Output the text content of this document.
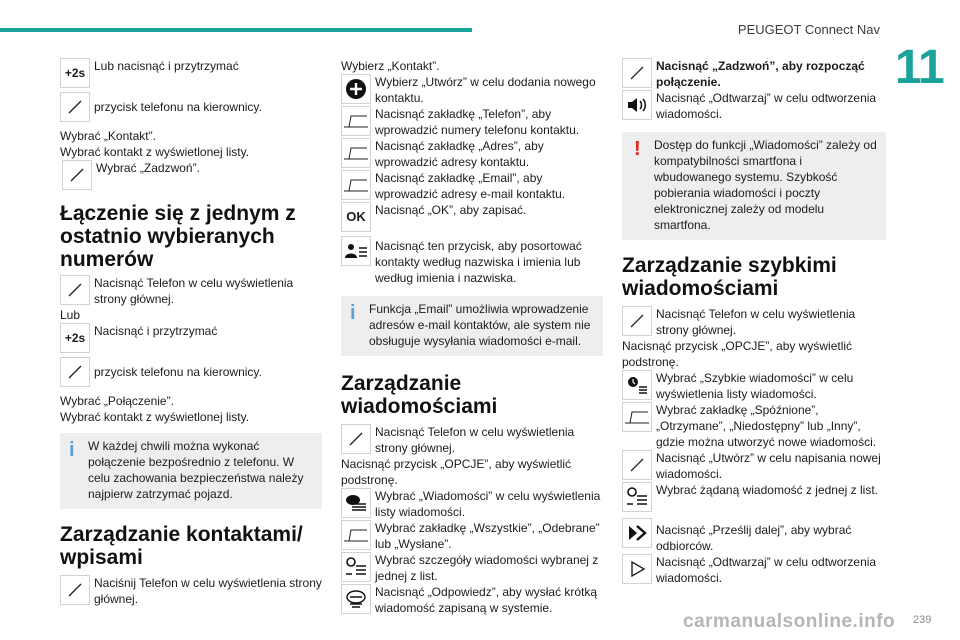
PEUGEOT Connect Nav
11
+2s Lub nacisnąć i przytrzymać
przycisk telefonu na kierownicy.

Wybrać „Kontakt”.

Wybrać kontakt z wyświetlonej listy.

Wybrać „Zadzwoń”.
Łączenie się z jednym z ostatnio wybieranych numerów
Nacisnąć Telefon w celu wyświetlenia strony głównej.

Lub

+2s Nacisnąć i przytrzymać
przycisk telefonu na kierownicy.

Wybrać „Połączenie”.

Wybrać kontakt z wyświetlonej listy.

i	W każdej chwili można wykonać połączenie bezpośrednio z telefonu. W celu zachowania bezpieczeństwa należy najpierw zatrzymać pojazd.
Zarządzanie kontaktami/ wpisami
Naciśnij Telefon w celu wyświetlenia strony głównej.

Wybierz „Kontakt”.

Wybierz „Utwórz” w celu dodania nowego kontaktu.
Nacisnąć zakładkę „Telefon”, aby wprowadzić numery telefonu kontaktu.
Nacisnąć zakładkę „Adres”, aby wprowadzić adresy kontaktu.
Nacisnąć zakładkę „Email”, aby wprowadzić adresy e-mail kontaktu.
OK Nacisnąć „OK”, aby zapisać.
Nacisnąć ten przycisk, aby posortować kontakty według nazwiska i imienia lub według imienia i nazwiska.
i	Funkcja „Email” umożliwia wprowadzenie adresów e-mail kontaktów, ale system nie obsługuje wysyłania wiadomości e-mail.
Zarządzanie wiadomościami
Nacisnąć Telefon w celu wyświetlenia strony głównej.

Nacisnąć przycisk „OPCJE”, aby wyświetlić podstronę.

Wybrać „Wiadomości” w celu wyświetlenia listy wiadomości.
Wybrać zakładkę „Wszystkie”, „Odebrane” lub „Wysłane”.
Wybrać szczegóły wiadomości wybranej z jednej z list.
Nacisnąć „Odpowiedz”, aby wysłać krótką wiadomość zapisaną w systemie.
Nacisnąć „Zadzwoń”, aby rozpocząć połączenie.
Nacisnąć „Odtwarzaj” w celu odtworzenia wiadomości.
!	Dostęp do funkcji „Wiadomości” zależy od kompatybilności smartfona i wbudowanego systemu. Szybkość pobierania wiadomości i poczty elektronicznej zależy od modelu smartfona.
Zarządzanie szybkimi wiadomościami
Nacisnąć Telefon w celu wyświetlenia strony głównej.

Nacisnąć przycisk „OPCJE”, aby wyświetlić podstronę.

Wybrać „Szybkie wiadomości” w celu wyświetlenia listy wiadomości.
Wybrać zakładkę „Spóźnione”, „Otrzymane”, „Niedostępny” lub „Inny”, gdzie można utworzyć nowe wiadomości.
Nacisnąć „Utwórz” w celu napisania nowej wiadomości.
Wybrać żądaną wiadomość z jednej z list.
Nacisnąć „Prześlij dalej”, aby wybrać odbiorców.
Nacisnąć „Odtwarzaj” w celu odtworzenia wiadomości.
carmanualsonline.info 239
